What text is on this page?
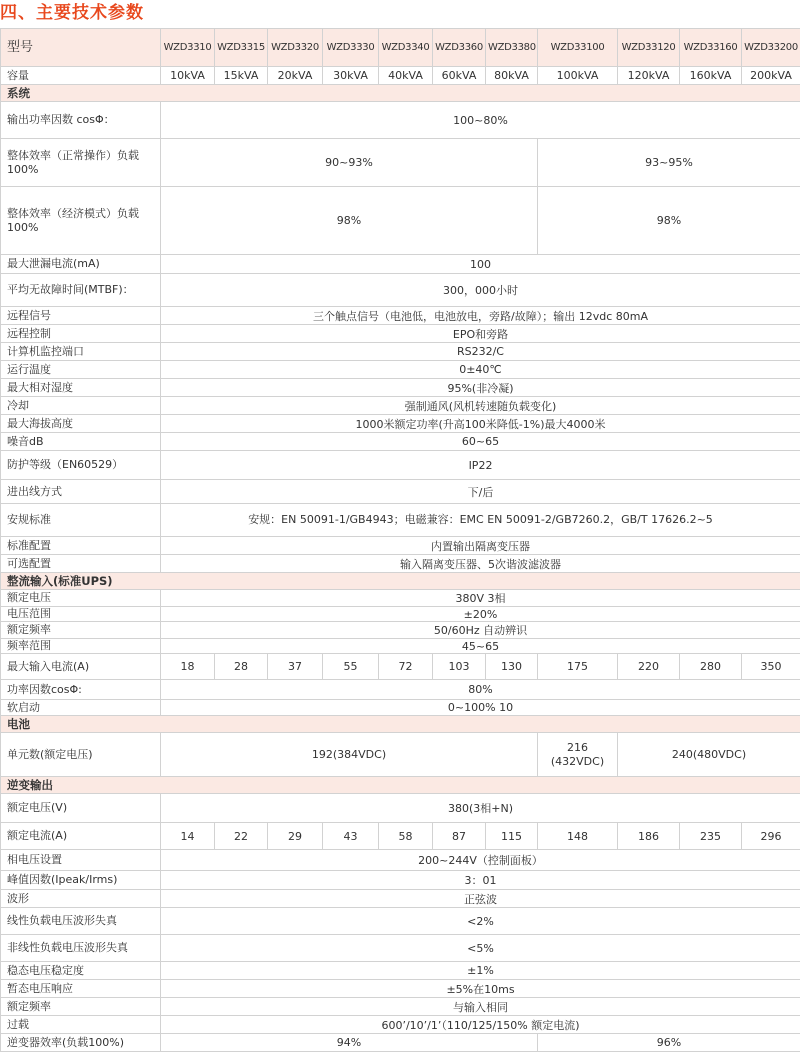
四、主要技术参数
型号	WZD3310	WZD3315	WZD3320	WZD3330	WZD3340	WZD3360	WZD3380	WZD33100	WZD33120	WZD33160	WZD33200
容量	10kVA	15kVA	20kVA	30kVA	40kVA	60kVA	80kVA	100kVA	120kVA	160kVA	200kVA
系统											
输出功率因数 cosΦ：	100~80%										
整体效率（正常操作）负载100%	90~93%							93~95%			
整体效率（经济模式）负载100%	98%							98%			
最大泄漏电流(mA)	100										
平均无故障时间(MTBF)：	300，000小时										
远程信号	三个触点信号（电池低，电池放电，旁路/故障）；输出 12vdc 80mA										
远程控制	EPO和旁路										
计算机监控端口	RS232/C										
运行温度	0±40℃										
最大相对湿度	95%(非冷凝)										
冷却	强制通风(风机转速随负载变化)										
最大海拔高度	1000米额定功率(升高100米降低-1%)最大4000米										
噪音dB	60~65										
防护等级（EN60529）	IP22										
进出线方式	下/后										
安规标准	安规：EN 50091-1/GB4943；电磁兼容：EMC EN 50091-2/GB7260.2，GB/T 17626.2~5										
标准配置	内置输出隔离变压器										
可选配置	输入隔离变压器、5次谐波滤波器										
整流输入(标准UPS)											
额定电压	380V 3相										
电压范围	±20%										
额定频率	50/60Hz 自动辨识										
频率范围	45~65										
最大输入电流(A)	18	28	37	55	72	103	130	175	220	280	350
功率因数cosΦ:	80%										
软启动	0~100% 10										
电池											
单元数(额定电压)	192(384VDC)							216 (432VDC)	240(480VDC)		
逆变输出											
额定电压(V)	380(3相+N)										
额定电流(A)	14	22	29	43	58	87	115	148	186	235	296
相电压设置	200~244V（控制面板）										
峰值因数(Ipeak/Irms)	3：01										
波形	正弦波										
线性负载电压波形失真	<2%										
非线性负载电压波形失真	<5%										
稳态电压稳定度	±1%										
暂态电压响应	±5%在10ms										
额定频率	与输入相同										
过载	600’/10’/1’（110/125/150% 额定电流)										
逆变器效率(负载100%)	94%							96%			
